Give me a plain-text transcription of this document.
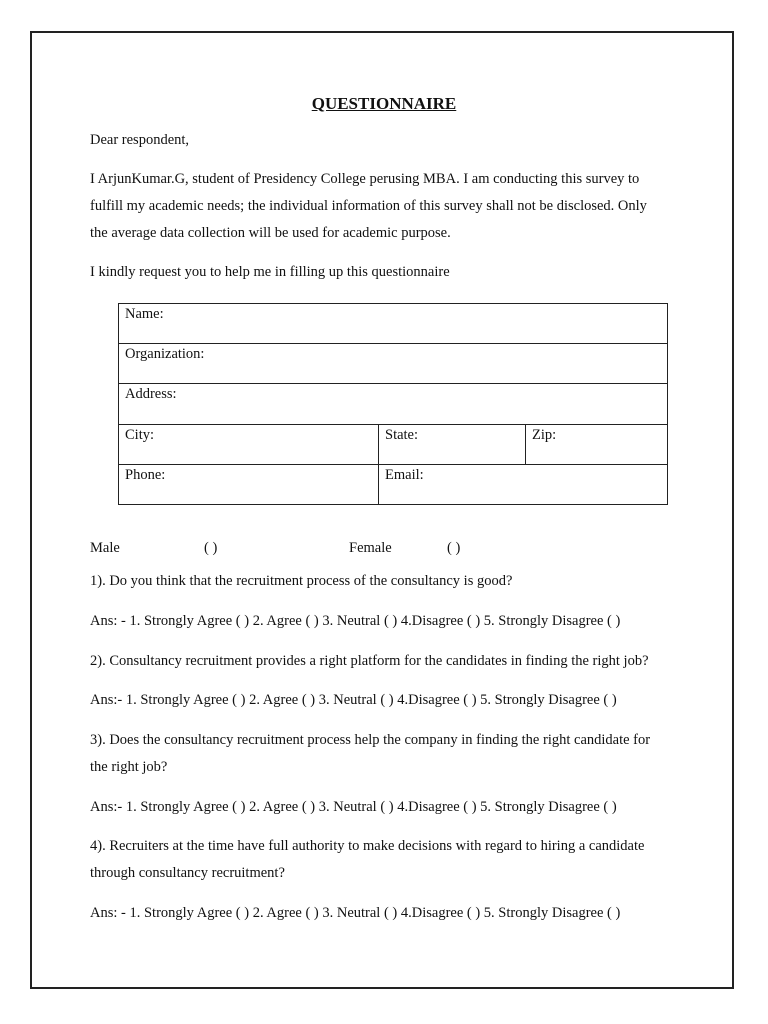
QUESTIONNAIRE
Dear respondent,
I ArjunKumar.G, student of Presidency College perusing MBA. I am conducting this survey to
fulfill my academic needs; the individual information of this survey shall not be disclosed. Only
the average data collection will be used for academic purpose.
I kindly request you to help me in filling up this questionnaire
Name:		
Organization:		
Address:		
City:	State:	Zip:
Phone:	Email:	
Male	( )	Female	( )
1). Do you think that the recruitment process of the consultancy is good?
Ans: - 1. Strongly Agree ( ) 2. Agree ( ) 3. Neutral ( ) 4.Disagree ( ) 5. Strongly Disagree ( )
2). Consultancy recruitment provides a right platform for the candidates in finding the right job?
Ans:- 1. Strongly Agree ( ) 2. Agree ( ) 3. Neutral ( ) 4.Disagree ( ) 5. Strongly Disagree ( )
3). Does the consultancy recruitment process help the company in finding the right candidate for
the right job?
Ans:- 1. Strongly Agree ( ) 2. Agree ( ) 3. Neutral ( ) 4.Disagree ( ) 5. Strongly Disagree ( )
4). Recruiters at the time have full authority to make decisions with regard to hiring a candidate
through consultancy recruitment?
Ans: - 1. Strongly Agree ( ) 2. Agree ( ) 3. Neutral ( ) 4.Disagree ( ) 5. Strongly Disagree ( )
